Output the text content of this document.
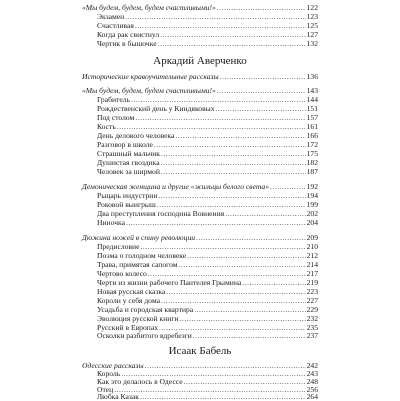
«Мы будем, будем, будем счастливыми!» .....	122
Экзамен .....	123
Счастливая .....	125
Когда рак свистнул .....	127
Чертик в бышочке .....	132
Аркадий Аверченко
Исторические кравоучительные рассказы .....	136
«Мы будем, будем, будем счастливыми!» .....	143
Грабитель .....	144
Рождественский день у Киндяковых .....	151
Под столом .....	157
Кость .....	161
День делового человека .....	166
Разговор в школе .....	172
Страшный мальчик .....	175
Душистая гвоздика .....	182
Человек за ширмой .....	187
Демоническая женщина и другие «жильцы белого света» .....	192
Рыцарь индустрии .....	194
Роковой выигрыш .....	199
Два преступления господина Вовнения .....	202
Ниночка .....	204
Дюжина ножей в спину революции .....	209
Предисловие .....	210
Поэма о голодном человеке .....	212
Трава, примятая сапогом .....	214
Чертово колесо .....	217
Черти из жизни рабочего Пантелея Грымина .....	219
Новая русская сказка .....	223
Короли у себя дома .....	227
Усадьба и городская квартира .....	229
Эволюция русской книги .....	232
Русский в Европах .....	235
Осколки разбитого вдребезги .....	237
Исаак Бабель
Одесские рассказы .....	242
Король .....	243
Как это делалось в Одессе .....	248
Отец .....	256
Любка Казак .....	264
